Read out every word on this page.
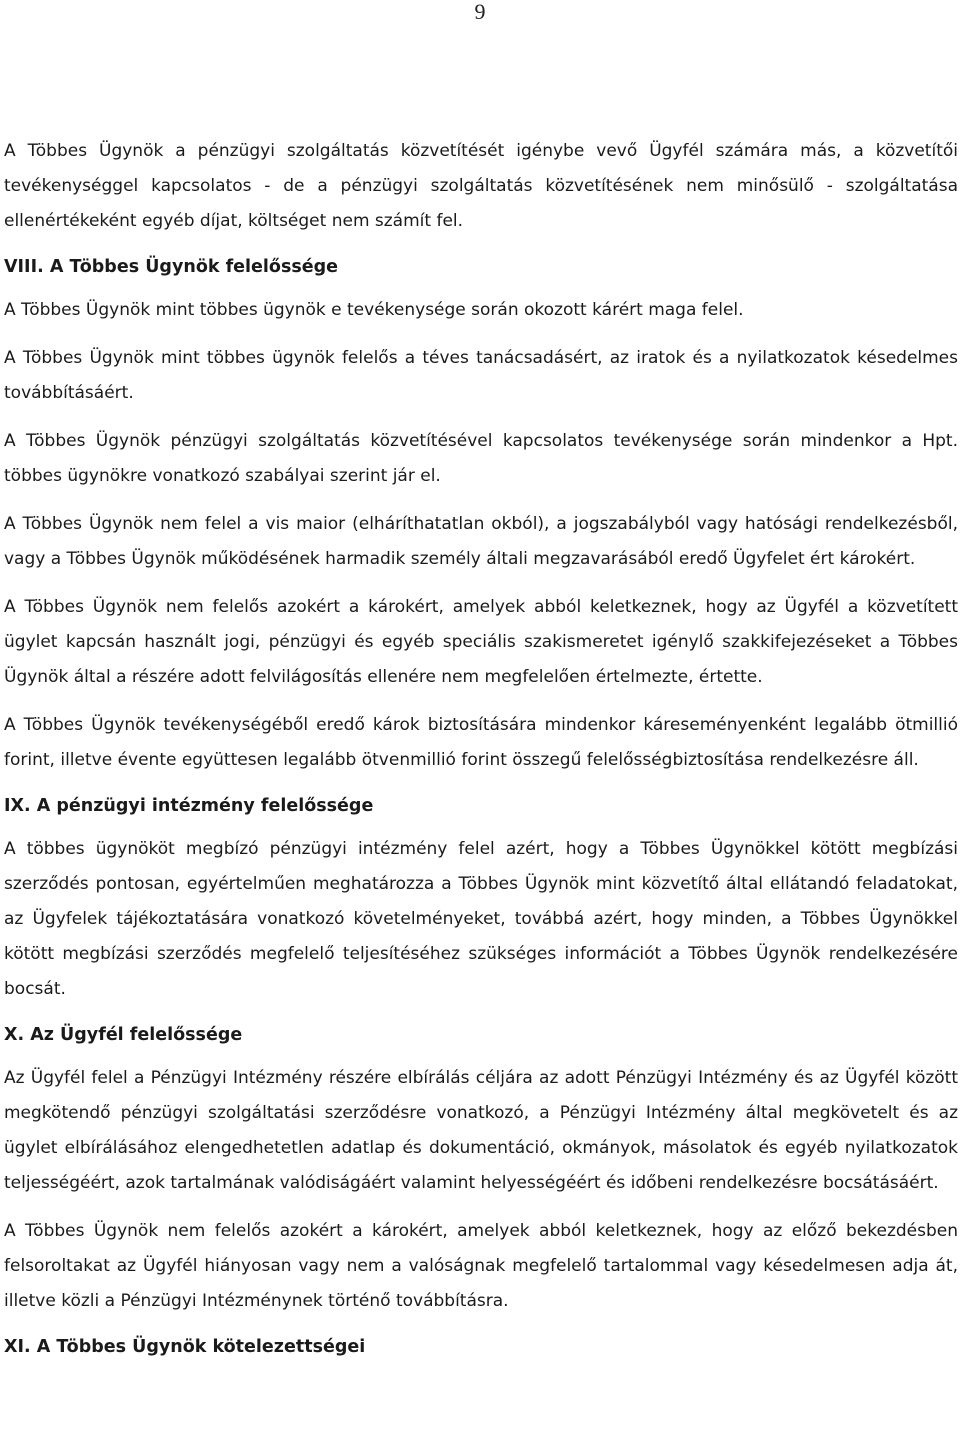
9

A Többes Ügynök a pénzügyi szolgáltatás közvetítését igénybe vevő Ügyfél számára más, a közvetítői tevékenységgel kapcsolatos - de a pénzügyi szolgáltatás közvetítésének nem minősülő - szolgáltatása ellenértékeként egyéb díjat, költséget nem számít fel.

VIII. A Többes Ügynök felelőssége

A Többes Ügynök mint többes ügynök e tevékenysége során okozott kárért maga felel.

A Többes Ügynök mint többes ügynök felelős a téves tanácsadásért, az iratok és a nyilatkozatok késedelmes továbbításáért.

A Többes Ügynök pénzügyi szolgáltatás közvetítésével kapcsolatos tevékenysége során mindenkor a Hpt. többes ügynökre vonatkozó szabályai szerint jár el.

A Többes Ügynök nem felel a vis maior (elháríthatatlan okból), a jogszabályból vagy hatósági rendelkezésből, vagy a Többes Ügynök működésének harmadik személy általi megzavarásából eredő Ügyfelet ért károkért.

A Többes Ügynök nem felelős azokért a károkért, amelyek abból keletkeznek, hogy az Ügyfél a közvetített ügylet kapcsán használt jogi, pénzügyi és egyéb speciális szakismeretet igénylő szakkifejezéseket a Többes Ügynök által a részére adott felvilágosítás ellenére nem megfelelően értelmezte, értette.

A Többes Ügynök tevékenységéből eredő károk biztosítására mindenkor káreseményenként legalább ötmillió forint, illetve évente együttesen legalább ötvenmillió forint összegű felelősségbiztosítása rendelkezésre áll.

IX. A pénzügyi intézmény felelőssége

A többes ügynököt megbízó pénzügyi intézmény felel azért, hogy a Többes Ügynökkel kötött megbízási szerződés pontosan, egyértelműen meghatározza a Többes Ügynök mint közvetítő által ellátandó feladatokat, az Ügyfelek tájékoztatására vonatkozó követelményeket, továbbá azért, hogy minden, a Többes Ügynökkel kötött megbízási szerződés megfelelő teljesítéséhez szükséges információt a Többes Ügynök rendelkezésére bocsát.

X. Az Ügyfél felelőssége

Az Ügyfél felel a Pénzügyi Intézmény részére elbírálás céljára az adott Pénzügyi Intézmény és az Ügyfél között megkötendő pénzügyi szolgáltatási szerződésre vonatkozó, a Pénzügyi Intézmény által megkövetelt és az ügylet elbírálásához elengedhetetlen adatlap és dokumentáció, okmányok, másolatok és egyéb nyilatkozatok teljességéért, azok tartalmának valódiságáért valamint helyességéért és időbeni rendelkezésre bocsátásáért.

A Többes Ügynök nem felelős azokért a károkért, amelyek abból keletkeznek, hogy az előző bekezdésben felsoroltakat az Ügyfél hiányosan vagy nem a valóságnak megfelelő tartalommal vagy késedelmesen adja át, illetve közli a Pénzügyi Intézménynek történő továbbításra.

XI. A Többes Ügynök kötelezettségei
